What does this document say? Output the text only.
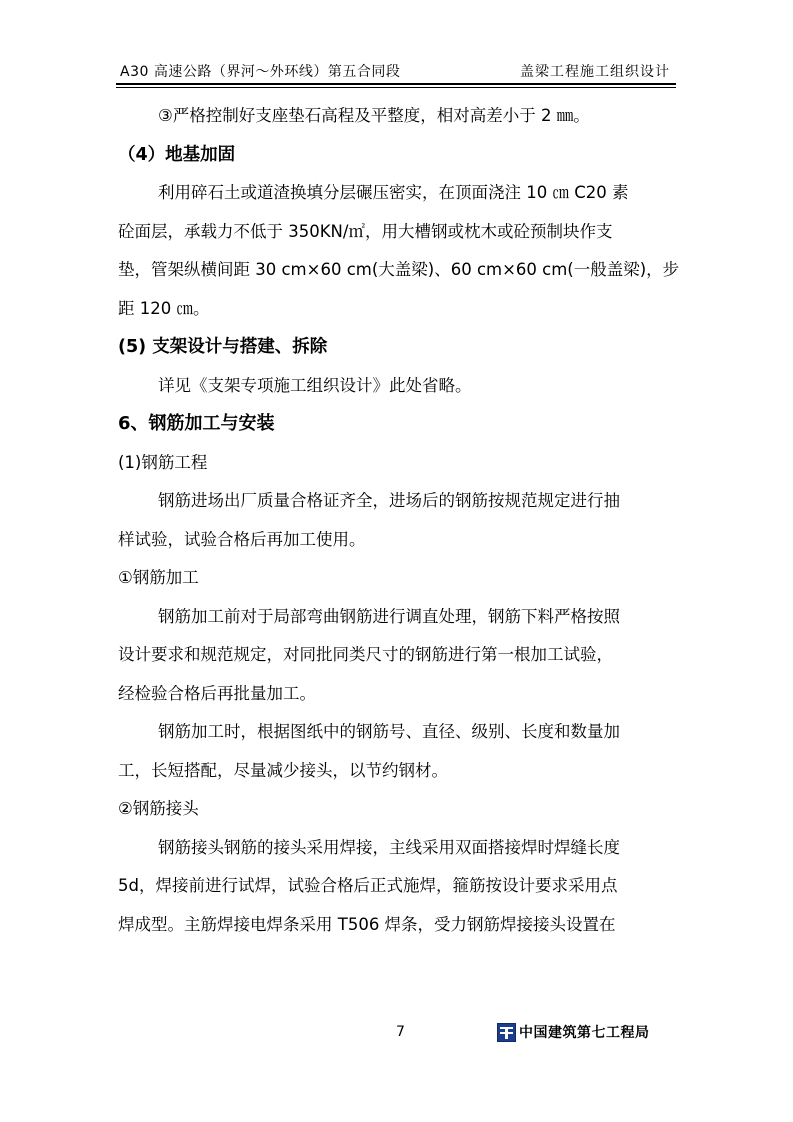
A30 高速公路（界河～外环线）第五合同段	盖梁工程施工组织设计

③严格控制好支座垫石高程及平整度，相对高差小于 2 ㎜。

（4）地基加固

利用碎石土或道渣换填分层碾压密实，在顶面浇注 10 ㎝ C20 素

砼面层，承载力不低于 350KN/㎡，用大槽钢或枕木或砼预制块作支

垫，管架纵横间距 30 cm×60 cm(大盖梁)、60 cm×60 cm(一般盖梁)，步

距 120 ㎝。

(5) 支架设计与搭建、拆除

详见《支架专项施工组织设计》此处省略。

6、钢筋加工与安装

(1)钢筋工程

钢筋进场出厂质量合格证齐全，进场后的钢筋按规范规定进行抽

样试验，试验合格后再加工使用。

①钢筋加工

钢筋加工前对于局部弯曲钢筋进行调直处理，钢筋下料严格按照

设计要求和规范规定，对同批同类尺寸的钢筋进行第一根加工试验，

经检验合格后再批量加工。

钢筋加工时，根据图纸中的钢筋号、直径、级别、长度和数量加

工，长短搭配，尽量减少接头，以节约钢材。

②钢筋接头

钢筋接头钢筋的接头采用焊接，主线采用双面搭接焊时焊缝长度

5d，焊接前进行试焊，试验合格后正式施焊，箍筋按设计要求采用点

焊成型。主筋焊接电焊条采用 T506 焊条，受力钢筋焊接接头设置在

7	中国建筑第七工程局
